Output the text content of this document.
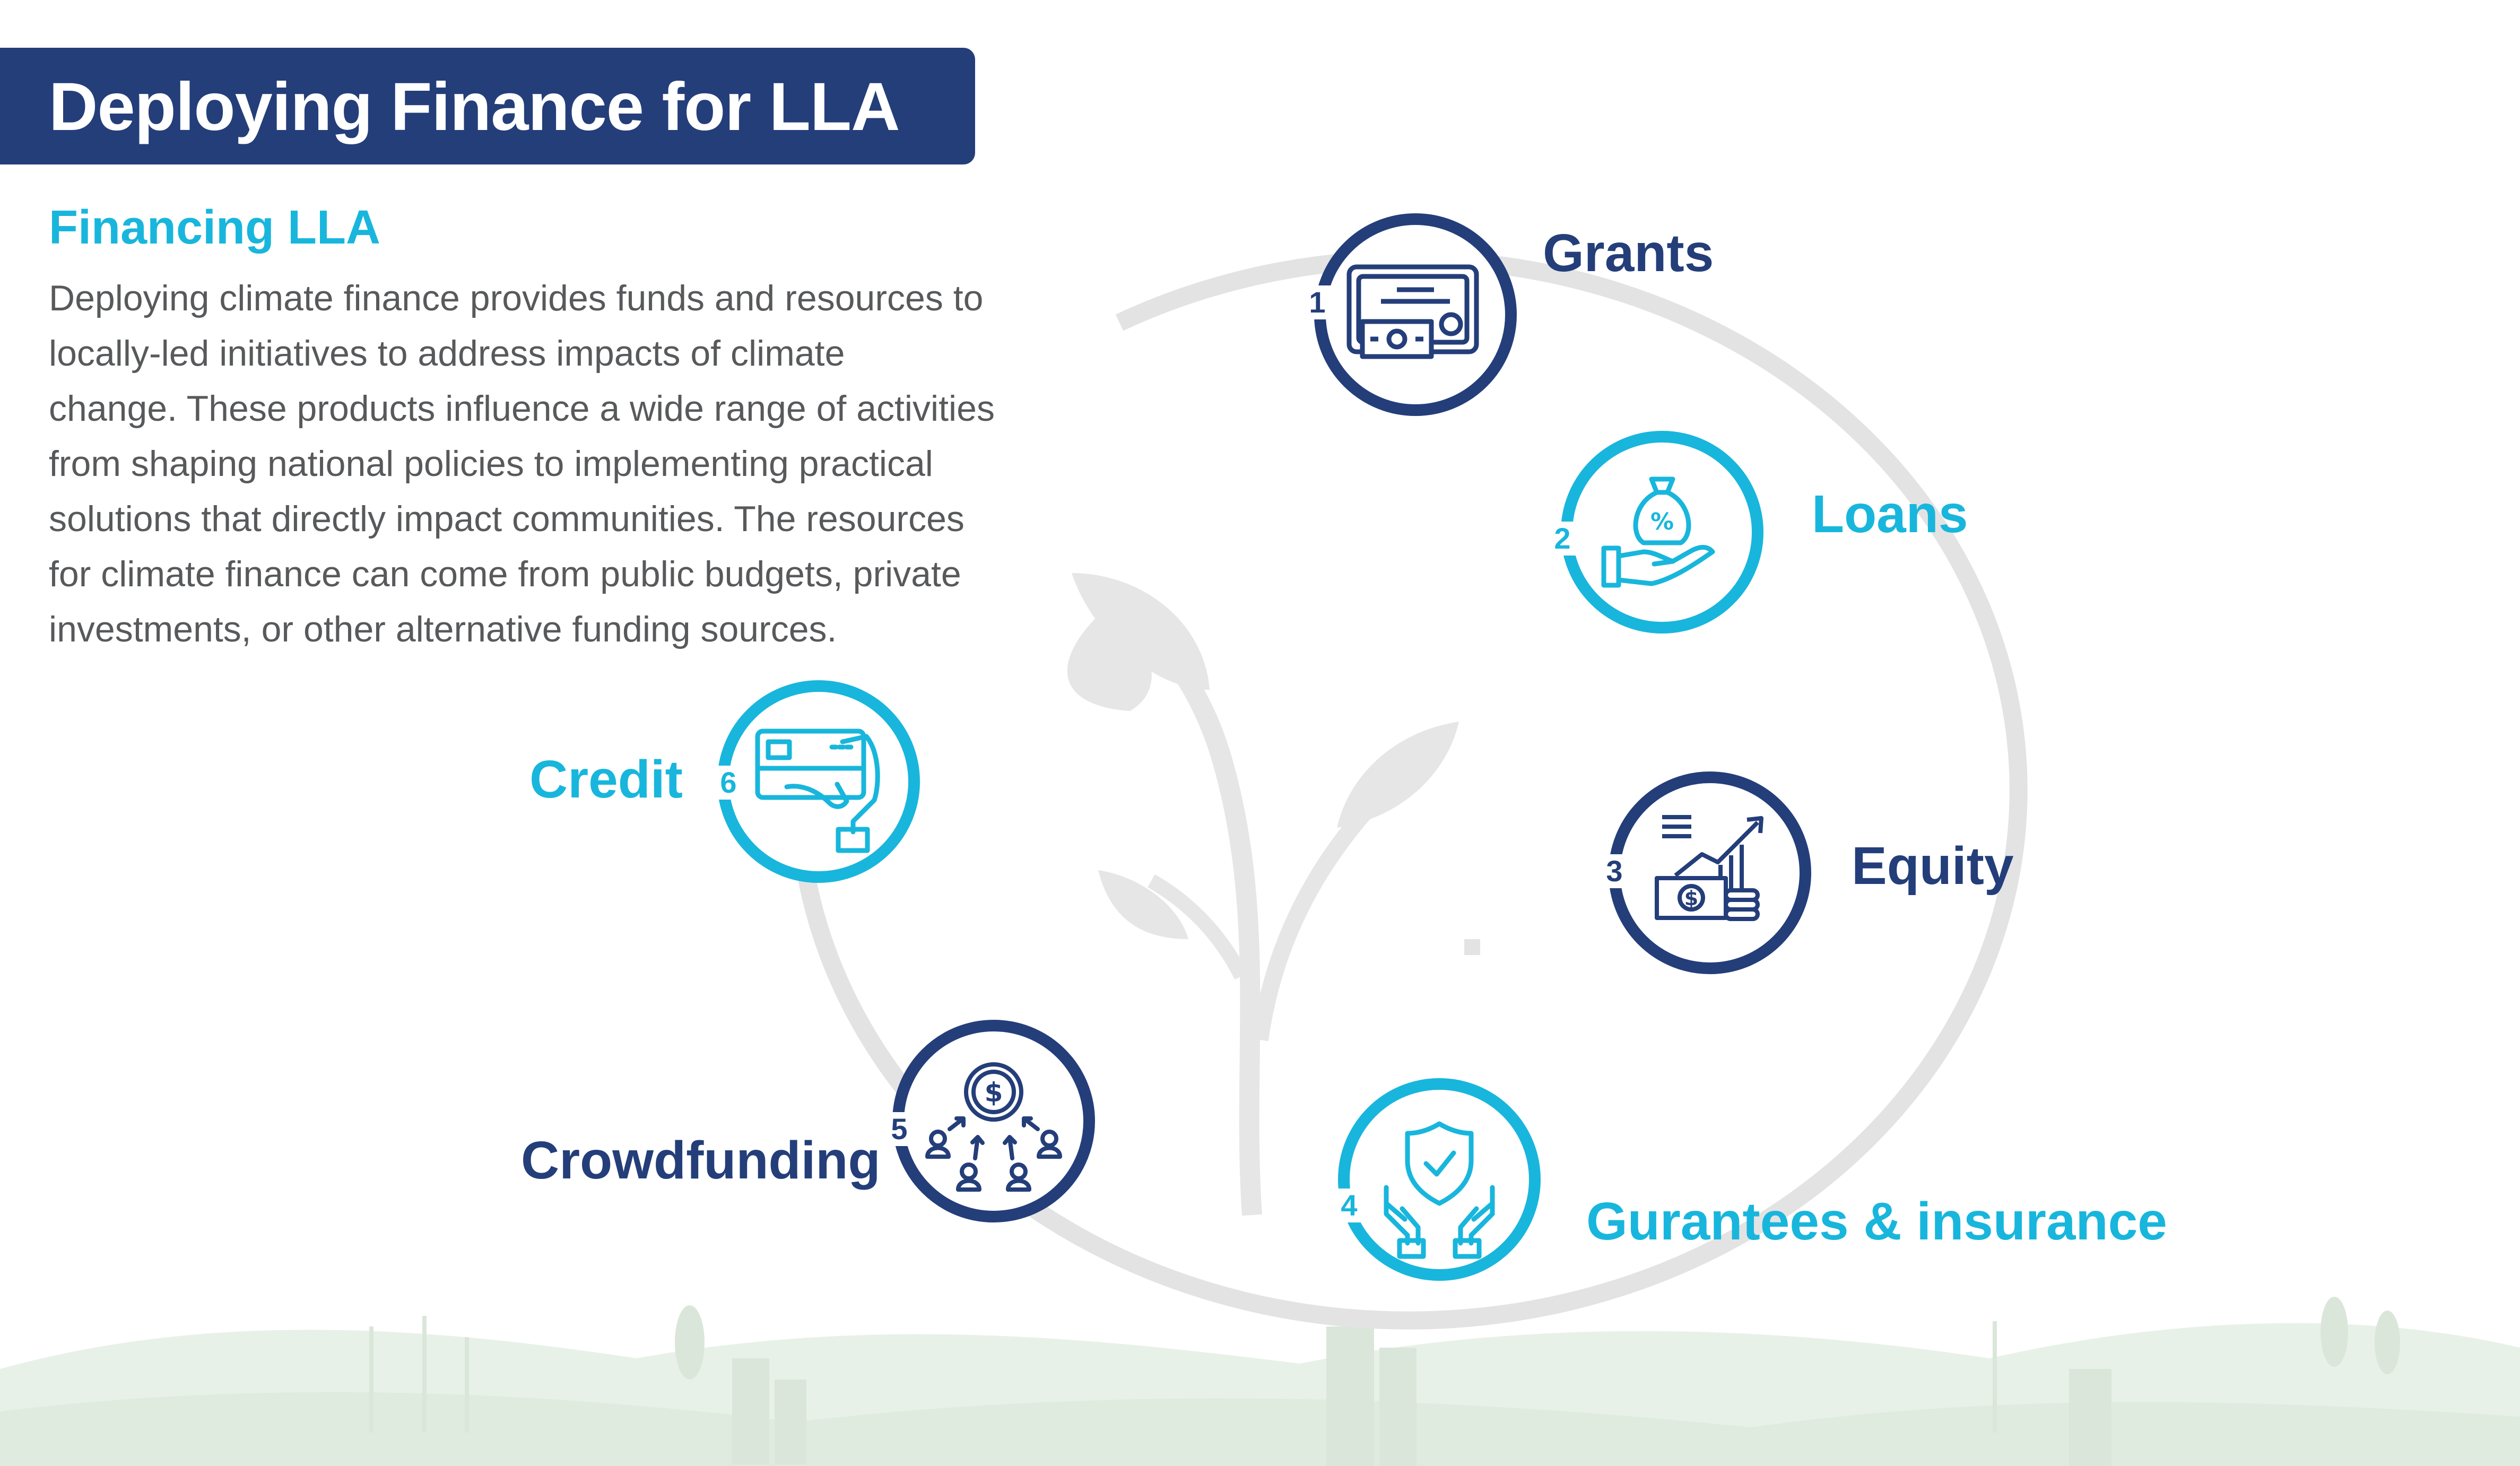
Deploying Finance for LLA
Financing LLA
Deploying climate finance provides funds and resources to
locally-led initiatives to address impacts of climate
change. These products influence a wide range of activities
from shaping national policies to implementing practical
solutions that directly impact communities. The resources
for climate finance can come from public budgets, private
investments, or other alternative funding sources.
1
Grants
%
2	Loans
$
3	Equity
4	Gurantees & insurance
$
5
Crowdfunding
6
Credit
